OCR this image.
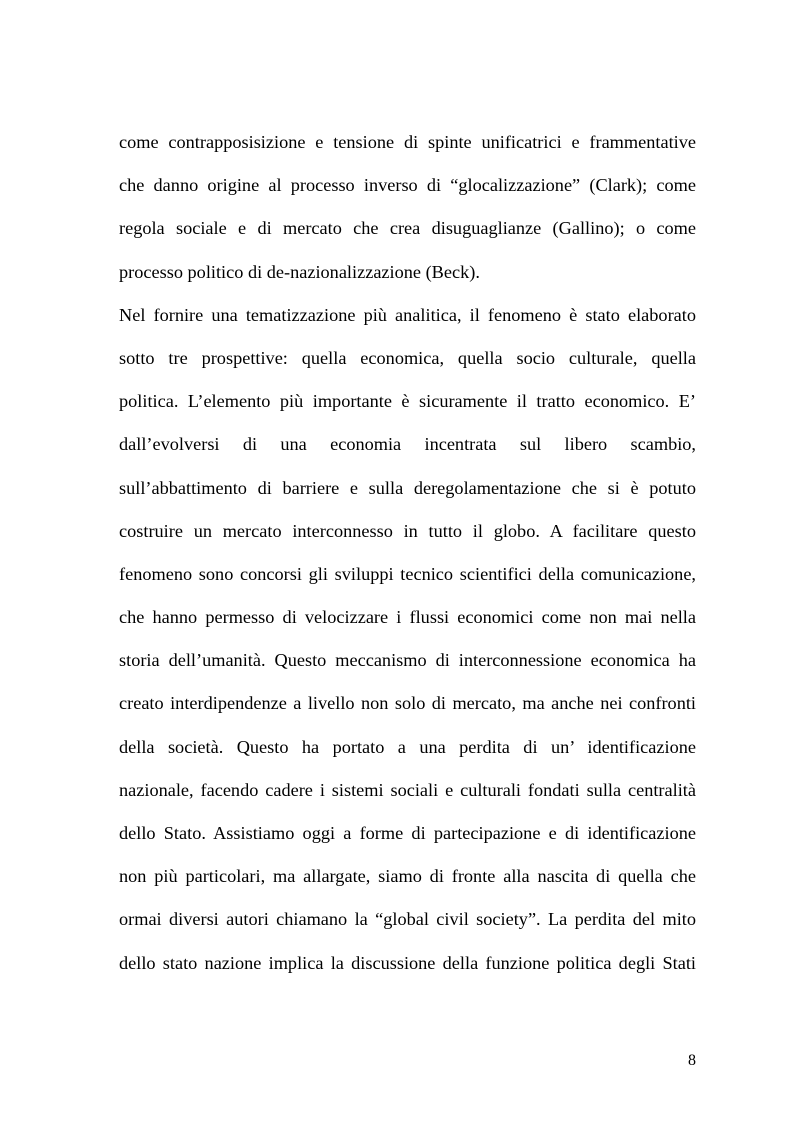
come contrapposisizione e tensione di spinte unificatrici e frammentative
che danno origine al processo inverso di “glocalizzazione” (Clark); come
regola sociale e di mercato che crea disuguaglianze (Gallino); o come
processo politico di de-nazionalizzazione (Beck).
Nel fornire una tematizzazione più analitica, il fenomeno è stato elaborato
sotto tre prospettive: quella economica, quella socio culturale, quella
politica. L’elemento più importante è sicuramente il tratto economico. E’
dall’evolversi di una economia incentrata sul libero scambio,
sull’abbattimento di barriere e sulla deregolamentazione che si è potuto
costruire un mercato interconnesso in tutto il globo. A facilitare questo
fenomeno sono concorsi gli sviluppi tecnico scientifici della comunicazione,
che hanno permesso di velocizzare i flussi economici come non mai nella
storia dell’umanità. Questo meccanismo di interconnessione economica ha
creato interdipendenze a livello non solo di mercato, ma anche nei confronti
della società. Questo ha portato a una perdita di un’ identificazione
nazionale, facendo cadere i sistemi sociali e culturali fondati sulla centralità
dello Stato. Assistiamo oggi a forme di partecipazione e di identificazione
non più particolari, ma allargate, siamo di fronte alla nascita di quella che
ormai diversi autori chiamano la “global civil society”. La perdita del mito
dello stato nazione implica la discussione della funzione politica degli Stati
8
